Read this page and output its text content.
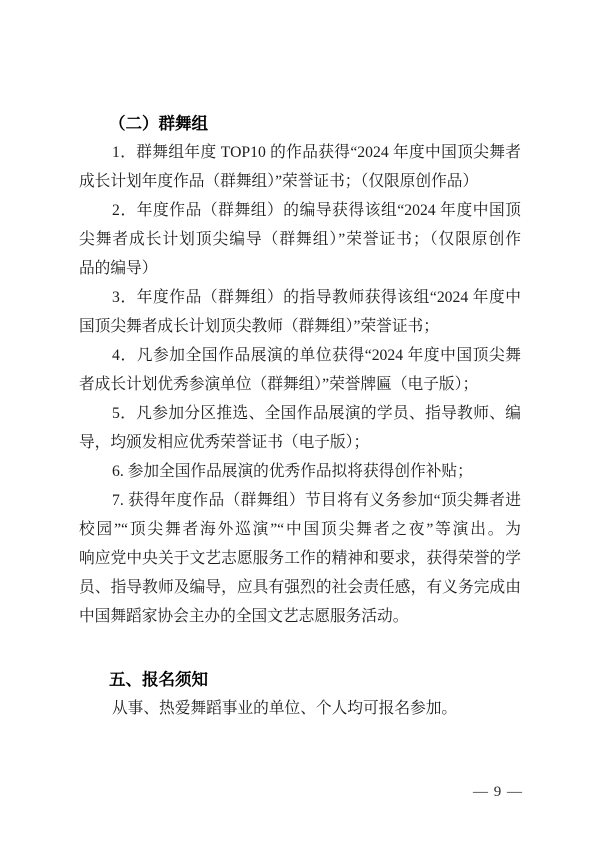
（二）群舞组
1．群舞组年度 TOP10 的作品获得“2024 年度中国顶尖舞者
成长计划年度作品（群舞组）”荣誉证书；（仅限原创作品）
2．年度作品（群舞组）的编导获得该组“2024 年度中国顶
尖舞者成长计划顶尖编导（群舞组）”荣誉证书；（仅限原创作
品的编导）
3．年度作品（群舞组）的指导教师获得该组“2024 年度中
国顶尖舞者成长计划顶尖教师（群舞组）”荣誉证书；
4．凡参加全国作品展演的单位获得“2024 年度中国顶尖舞
者成长计划优秀参演单位（群舞组）”荣誉牌匾（电子版）；
5．凡参加分区推选、全国作品展演的学员、指导教师、编
导，均颁发相应优秀荣誉证书（电子版）；
6. 参加全国作品展演的优秀作品拟将获得创作补贴；
7. 获得年度作品（群舞组）节目将有义务参加“顶尖舞者进
校园”“顶尖舞者海外巡演”“中国顶尖舞者之夜”等演出。为
响应党中央关于文艺志愿服务工作的精神和要求，获得荣誉的学
员、指导教师及编导，应具有强烈的社会责任感，有义务完成由
中国舞蹈家协会主办的全国文艺志愿服务活动。
五、报名须知
从事、热爱舞蹈事业的单位、个人均可报名参加。
— 9 —
